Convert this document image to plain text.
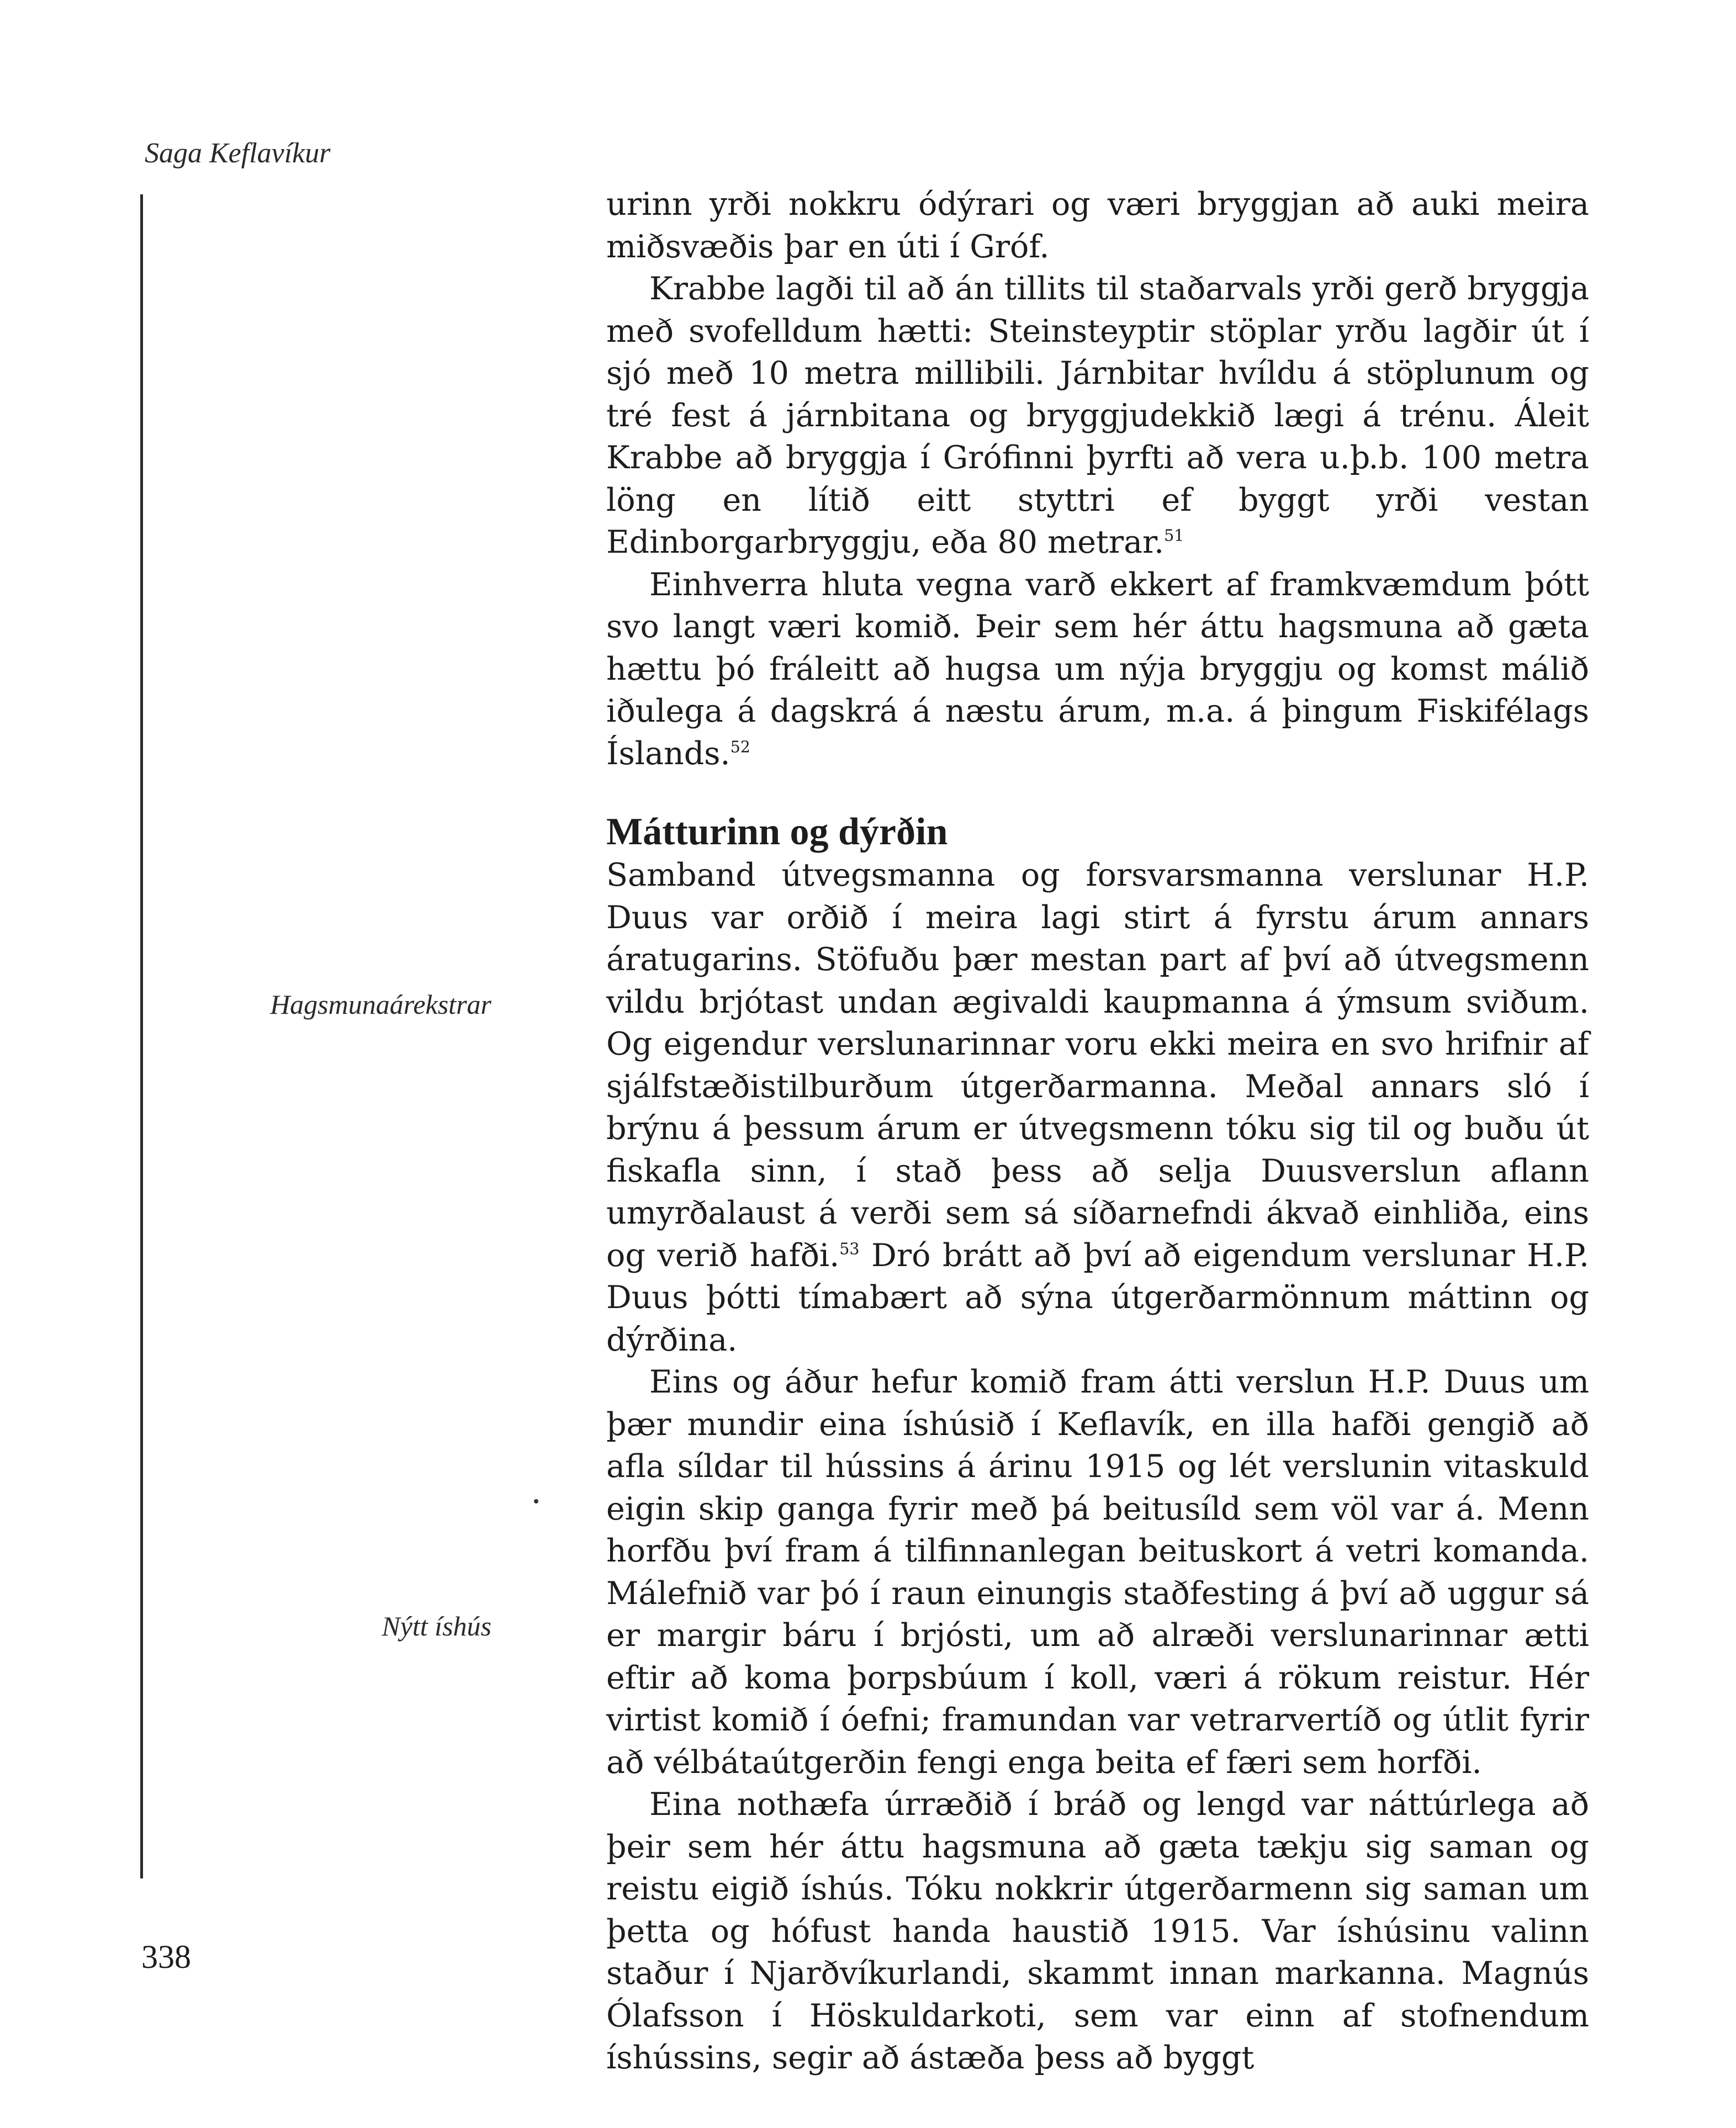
Saga Keflavíkur
Hagsmunaárekstrar
Nýtt íshús

urinn yrði nokkru ódýrari og væri bryggjan að auki meira miðsvæðis þar en úti í Gróf.

Krabbe lagði til að án tillits til staðarvals yrði gerð bryggja með svofelldum hætti: Steinsteyptir stöplar yrðu lagðir út í sjó með 10 metra millibili. Járnbitar hvíldu á stöplunum og tré fest á járnbitana og bryggjudekkið lægi á trénu. Áleit Krabbe að bryggja í Grófinni þyrfti að vera u.þ.b. 100 metra löng en lítið eitt styttri ef byggt yrði vestan Edinborgarbryggju, eða 80 metrar.$^{51}$

Einhverra hluta vegna varð ekkert af framkvæmdum þótt svo langt væri komið. Þeir sem hér áttu hagsmuna að gæta hættu þó fráleitt að hugsa um nýja bryggju og komst málið iðulega á dagskrá á næstu árum, m.a. á þingum Fiskifélags Íslands.$^{52}$

Mátturinn og dýrðin

Samband útvegsmanna og forsvarsmanna verslunar H.P. Duus var orðið í meira lagi stirt á fyrstu árum annars áratugarins. Stöfuðu þær mestan part af því að útvegsmenn vildu brjótast undan ægivaldi kaupmanna á ýmsum sviðum. Og eigendur verslunarinnar voru ekki meira en svo hrifnir af sjálfstæðistilburðum útgerðarmanna. Meðal annars sló í brýnu á þessum árum er útvegsmenn tóku sig til og buðu út fiskafla sinn, í stað þess að selja Duusverslun aflann umyrðalaust á verði sem sá síðarnefndi ákvað einhliða, eins og verið hafði.$^{53}$ Dró brátt að því að eigendum verslunar H.P. Duus þótti tímabært að sýna útgerðarmönnum máttinn og dýrðina.

Eins og áður hefur komið fram átti verslun H.P. Duus um þær mundir eina íshúsið í Keflavík, en illa hafði gengið að afla síldar til hússins á árinu 1915 og lét verslunin vitaskuld eigin skip ganga fyrir með þá beitusíld sem völ var á. Menn horfðu því fram á tilfinnanlegan beituskort á vetri komanda. Málefnið var þó í raun einungis staðfesting á því að uggur sá er margir báru í brjósti, um að alræði verslunarinnar ætti eftir að koma þorpsbúum í koll, væri á rökum reistur. Hér virtist komið í óefni; framundan var vetrarvertíð og útlit fyrir að vélbátaútgerðin fengi enga beita ef færi sem horfði.

Eina nothæfa úrræðið í bráð og lengd var náttúrlega að þeir sem hér áttu hagsmuna að gæta tækju sig saman og reistu eigið íshús. Tóku nokkrir útgerðarmenn sig saman um þetta og hófust handa haustið 1915. Var íshúsinu valinn staður í Njarðvíkurlandi, skammt innan markanna. Magnús Ólafsson í Höskuldarkoti, sem var einn af stofnendum íshússins, segir að ástæða þess að byggt

338
